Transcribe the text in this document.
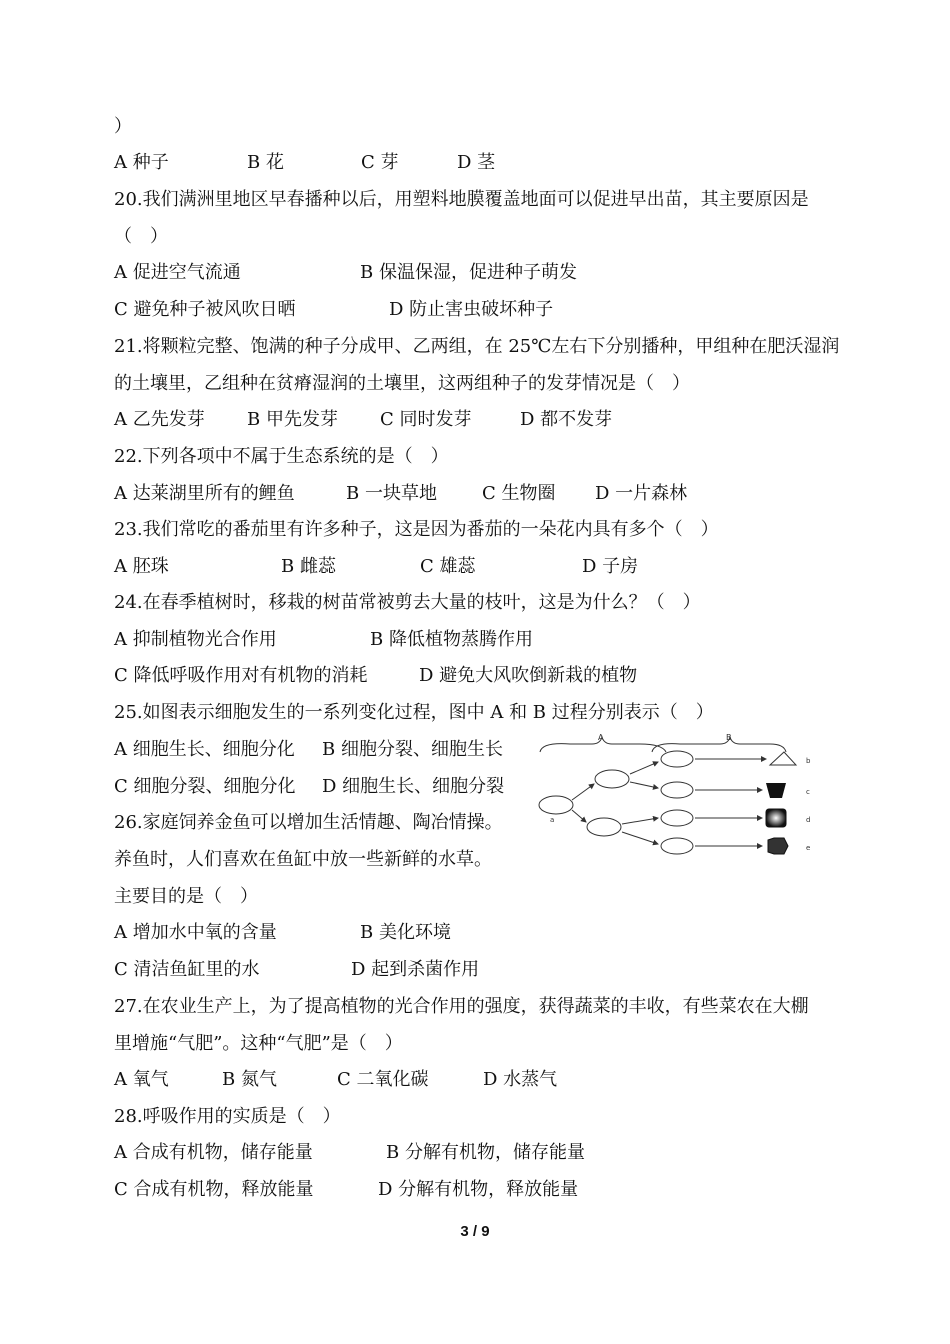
）
A 种子	B 花	C 芽	D 茎
20.我们满洲里地区早春播种以后，用塑料地膜覆盖地面可以促进早出苗，其主要原因是
（　）
A 促进空气流通	B 保温保湿，促进种子萌发
C 避免种子被风吹日晒	D 防止害虫破坏种子
21.将颗粒完整、饱满的种子分成甲、乙两组，在 25℃左右下分别播种，甲组种在肥沃湿润
的土壤里，乙组种在贫瘠湿润的土壤里，这两组种子的发芽情况是（　）
A 乙先发芽 B 甲先发芽 C 同时发芽	D 都不发芽
22.下列各项中不属于生态系统的是（　）
A 达莱湖里所有的鲤鱼	B 一块草地	C 生物圈 D 一片森林
23.我们常吃的番茄里有许多种子，这是因为番茄的一朵花内具有多个（　）
A 胚珠	B 雌蕊	C 雄蕊	D 子房
24.在春季植树时，移栽的树苗常被剪去大量的枝叶，这是为什么？（　）
A 抑制植物光合作用	B 降低植物蒸腾作用
C 降低呼吸作用对有机物的消耗	D 避免大风吹倒新栽的植物
25.如图表示细胞发生的一系列变化过程，图中 A 和 B 过程分别表示（　）
A 细胞生长、细胞分化 B 细胞分裂、细胞生长
C 细胞分裂、细胞分化 D 细胞生长、细胞分裂
26.家庭饲养金鱼可以增加生活情趣、陶冶情操。
养鱼时，人们喜欢在鱼缸中放一些新鲜的水草。
主要目的是（　）
A 增加水中氧的含量	B 美化环境
C 清洁鱼缸里的水	D 起到杀菌作用
27.在农业生产上，为了提高植物的光合作用的强度，获得蔬菜的丰收，有些菜农在大棚
里增施“气肥”。这种“气肥”是（　）
A 氧气	B 氮气	C 二氧化碳	D 水蒸气
28.呼吸作用的实质是（　）
A 合成有机物，储存能量	B 分解有机物，储存能量
C 合成有机物，释放能量	D 分解有机物，释放能量
A	B
a
b
c
d
e
3 / 9
